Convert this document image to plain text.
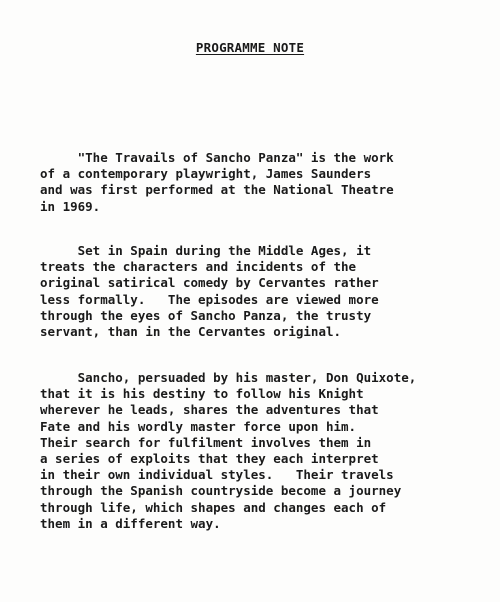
PROGRAMME NOTE

"The Travails of Sancho Panza" is the work
of a contemporary playwright, James Saunders
and was first performed at the National Theatre
in 1969.

Set in Spain during the Middle Ages, it
treats the characters and incidents of the
original satirical comedy by Cervantes rather
less formally.   The episodes are viewed more
through the eyes of Sancho Panza, the trusty
servant, than in the Cervantes original.

Sancho, persuaded by his master, Don Quixote,
that it is his destiny to follow his Knight
wherever he leads, shares the adventures that
Fate and his wordly master force upon him.
Their search for fulfilment involves them in
a series of exploits that they each interpret
in their own individual styles.   Their travels
through the Spanish countryside become a journey
through life, which shapes and changes each of
them in a different way.
